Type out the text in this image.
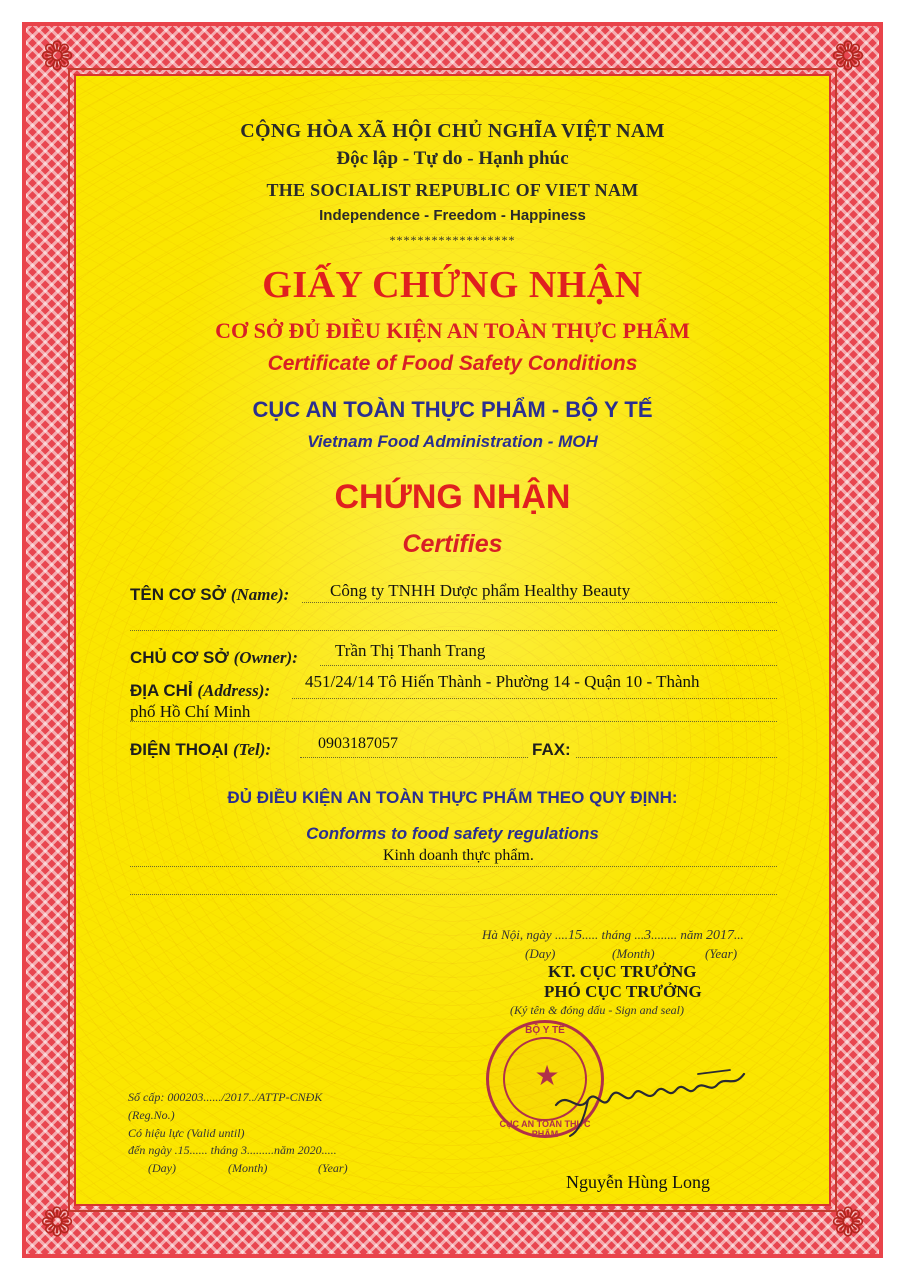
❁	❁
❁	❁
CỘNG HÒA XÃ HỘI CHỦ NGHĨA VIỆT NAM
Độc lập - Tự do - Hạnh phúc
THE SOCIALIST REPUBLIC OF VIET NAM
Independence - Freedom - Happiness
******************
GIẤY CHỨNG NHẬN
CƠ SỞ ĐỦ ĐIỀU KIỆN AN TOÀN THỰC PHẨM
Certificate of Food Safety Conditions
CỤC AN TOÀN THỰC PHẨM - BỘ Y TẾ
Vietnam Food Administration - MOH
CHỨNG NHẬN
Certifies
TÊN CƠ SỞ (Name): Công ty TNHH Dược phẩm Healthy Beauty
CHỦ CƠ SỞ (Owner): Trần Thị Thanh Trang
ĐỊA CHỈ (Address): 451/24/14 Tô Hiến Thành - Phường 14 - Quận 10 - Thành
phố Hồ Chí Minh
ĐIỆN THOẠI (Tel):	0903187057	FAX:
ĐỦ ĐIỀU KIỆN AN TOÀN THỰC PHẨM THEO QUY ĐỊNH:
Conforms to food safety regulations
Kinh doanh thực phẩm.
Hà Nội, ngày ....15..... tháng ...3........ năm 2017...
(Day)	(Month)	(Year)
KT. CỤC TRƯỞNG
PHÓ CỤC TRƯỞNG
(Ký tên & đóng dấu - Sign and seal)
BỘ Y TẾ
★
CỤC AN TOÀN THỰC PHẨM
Nguyễn Hùng Long
Số cấp: 000203....../2017../ATTP-CNĐK
(Reg.No.)
Có hiệu lực (Valid until)
đến ngày .15...... tháng 3.........năm 2020.....
(Day)	(Month)	(Year)
